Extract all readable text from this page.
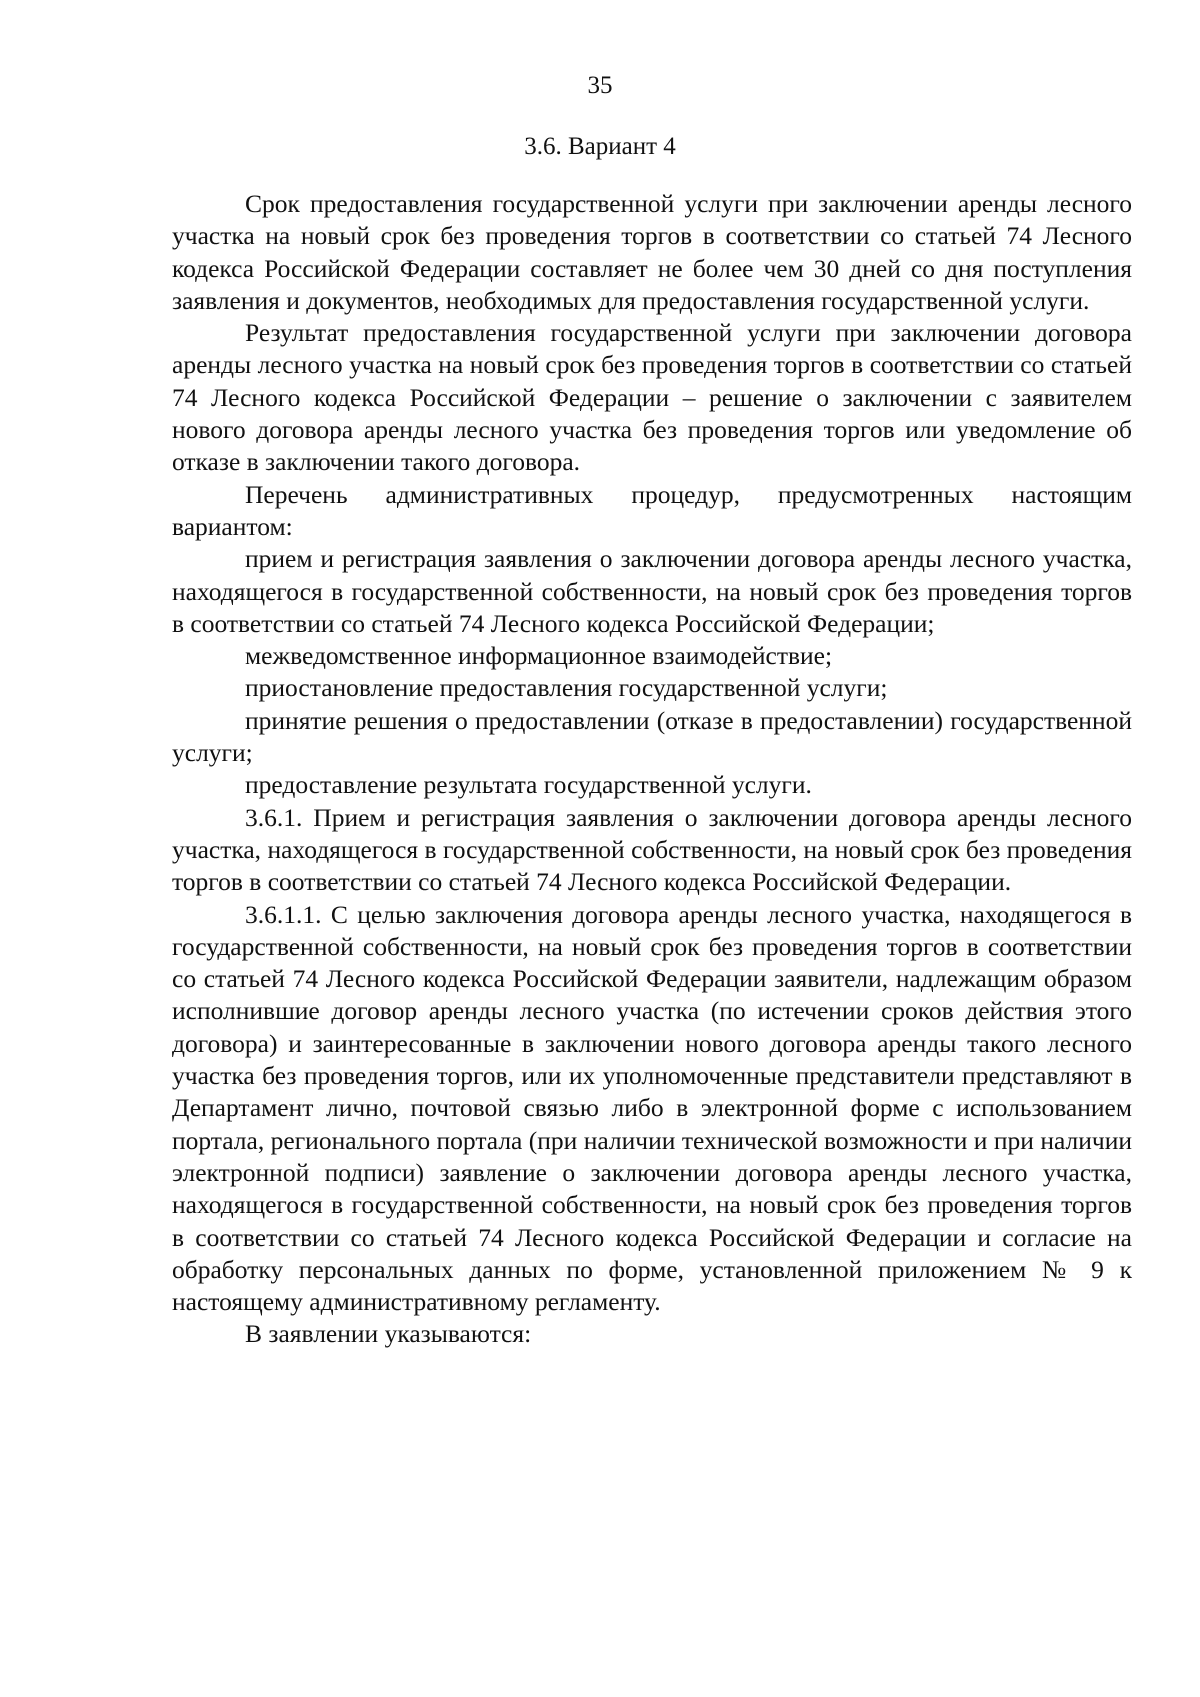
35
3.6. Вариант 4

Срок предоставления государственной услуги при заключении аренды лесного участка на новый срок без проведения торгов в соответствии со статьей 74 Лесного кодекса Российской Федерации составляет не более чем 30 дней со дня поступления заявления и документов, необходимых для предоставления государственной услуги.

Результат предоставления государственной услуги при заключении договора аренды лесного участка на новый срок без проведения торгов в соответствии со статьей 74 Лесного кодекса Российской Федерации – решение о заключении с заявителем нового договора аренды лесного участка без проведения торгов или уведомление об отказе в заключении такого договора.

Перечень административных процедур, предусмотренных настоящим вариантом:

прием и регистрация заявления о заключении договора аренды лесного участка, находящегося в государственной собственности, на новый срок без проведения торгов в соответствии со статьей 74 Лесного кодекса Российской Федерации;

межведомственное информационное взаимодействие;

приостановление предоставления государственной услуги;

принятие решения о предоставлении (отказе в предоставлении) государственной услуги;

предоставление результата государственной услуги.

3.6.1. Прием и регистрация заявления о заключении договора аренды лесного участка, находящегося в государственной собственности, на новый срок без проведения торгов в соответствии со статьей 74 Лесного кодекса Российской Федерации.

3.6.1.1. С целью заключения договора аренды лесного участка, находящегося в государственной собственности, на новый срок без проведения торгов в соответствии со статьей 74 Лесного кодекса Российской Федерации заявители, надлежащим образом исполнившие договор аренды лесного участка (по истечении сроков действия этого договора) и заинтересованные в заключении нового договора аренды такого лесного участка без проведения торгов, или их уполномоченные представители представляют в Департамент лично, почтовой связью либо в электронной форме с использованием портала, регионального портала (при наличии технической возможности и при наличии электронной подписи) заявление о заключении договора аренды лесного участка, находящегося в государственной собственности, на новый срок без проведения торгов в соответствии со статьей 74 Лесного кодекса Российской Федерации и согласие на обработку персональных данных по форме, установленной приложением № 9 к настоящему административному регламенту.

В заявлении указываются:
